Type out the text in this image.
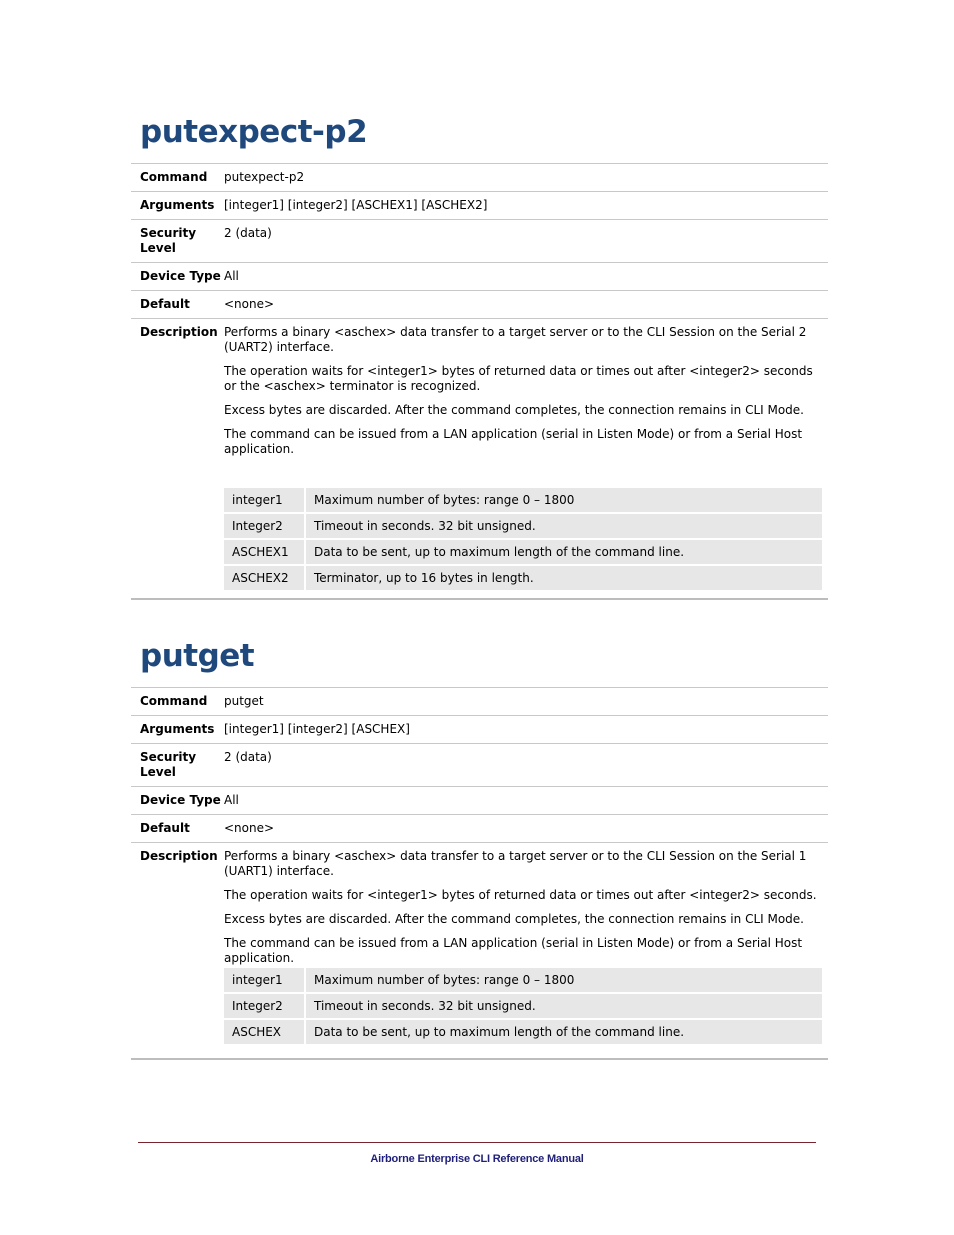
putexpect-p2
Command	putexpect-p2
Arguments [integer1] [integer2] [ASCHEX1] [ASCHEX2]
Security Level
2 (data)
Device Type All
Default	<none>
Description Performs a binary <aschex> data transfer to a target server or to the CLI Session on the Serial 2 (UART2) interface.

The operation waits for <integer1> bytes of returned data or times out after <integer2> seconds or the <aschex> terminator is recognized.

Excess bytes are discarded. After the command completes, the connection remains in CLI Mode.

The command can be issued from a LAN application (serial in Listen Mode) or from a Serial Host application.

integer1	Maximum number of bytes: range 0 – 1800
Integer2	Timeout in seconds. 32 bit unsigned.
ASCHEX1	Data to be sent, up to maximum length of the command line.
ASCHEX2	Terminator, up to 16 bytes in length.
putget
Command	putget
Arguments [integer1] [integer2] [ASCHEX]
Security Level
2 (data)
Device Type All
Default	<none>
Description Performs a binary <aschex> data transfer to a target server or to the CLI Session on the Serial 1 (UART1) interface.

The operation waits for <integer1> bytes of returned data or times out after <integer2> seconds.

Excess bytes are discarded. After the command completes, the connection remains in CLI Mode.

The command can be issued from a LAN application (serial in Listen Mode) or from a Serial Host application.

integer1	Maximum number of bytes: range 0 – 1800
Integer2	Timeout in seconds. 32 bit unsigned.
ASCHEX	Data to be sent, up to maximum length of the command line.
Airborne Enterprise CLI Reference Manual
